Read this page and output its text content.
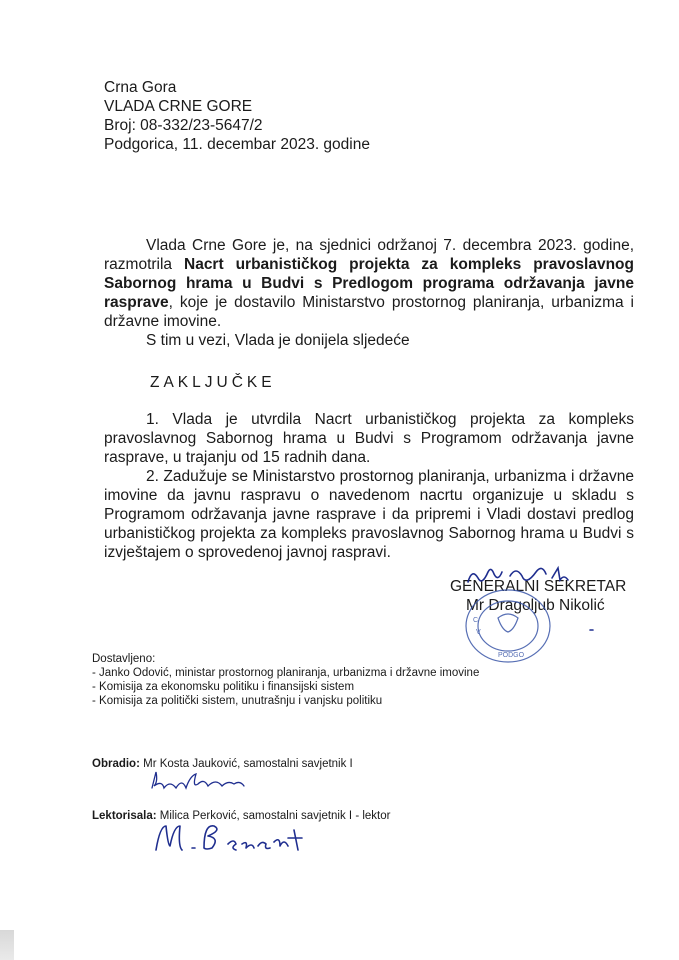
Crna Gora
VLADA CRNE GORE
Broj: 08-332/23-5647/2
Podgorica, 11. decembar 2023. godine
Vlada Crne Gore je, na sjednici održanoj 7. decembra 2023. godine, razmotrila Nacrt urbanističkog projekta za kompleks pravoslavnog Sabornog hrama u Budvi s Predlogom programa održavanja javne rasprave, koje je dostavilo Ministarstvo prostornog planiranja, urbanizma i državne imovine.
S tim u vezi, Vlada je donijela sljedeće
ZAKLJUČKE
1. Vlada je utvrdila Nacrt urbanističkog projekta za kompleks pravoslavnog Sabornog hrama u Budvi s Programom održavanja javne rasprave, u trajanju od 15 radnih dana.
2. Zadužuje se Ministarstvo prostornog planiranja, urbanizma i državne imovine da javnu raspravu o navedenom nacrtu organizuje u skladu s Programom održavanja javne rasprave i da pripremi i Vladi dostavi predlog urbanističkog projekta za kompleks pravoslavnog Sabornog hrama u Budvi s izvještajem o sprovedenoj javnoj raspravi.
GENERALNI SEKRETAR
Mr Dragoljub Nikolić
C
V
PODGO
Dostavljeno:
- Janko Odović, ministar prostornog planiranja, urbanizma i državne imovine
- Komisija za ekonomsku politiku i finansijski sistem
- Komisija za politički sistem, unutrašnju i vanjsku politiku
Obradio: Mr Kosta Jauković, samostalni savjetnik I
Lektorisala: Milica Perković, samostalni savjetnik I - lektor
